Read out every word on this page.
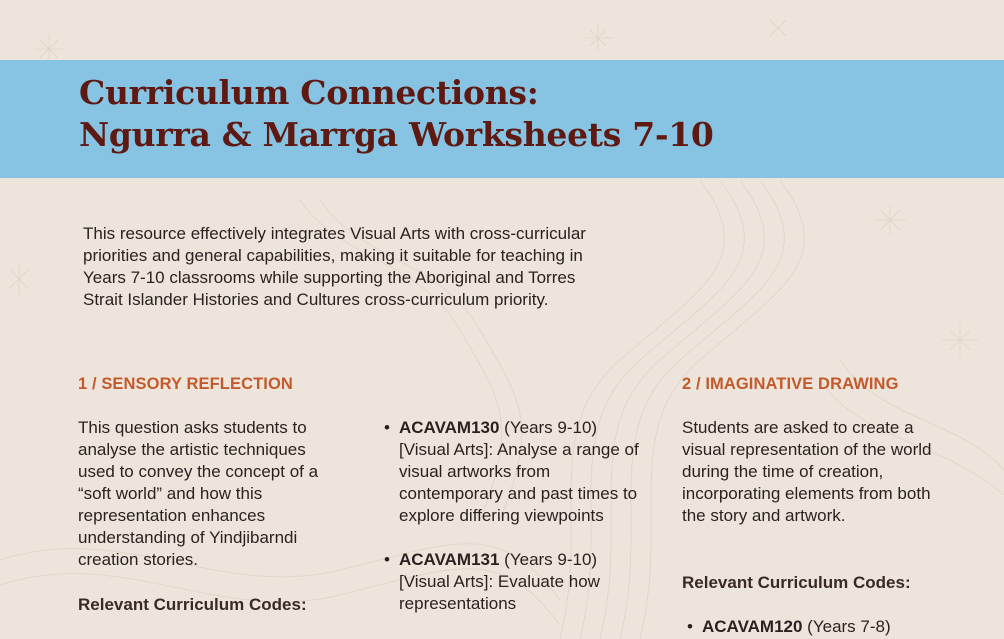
Curriculum Connections:
Ngurra & Marrga Worksheets 7-10

This resource effectively integrates Visual Arts with cross-curricular priorities and general capabilities, making it suitable for teaching in Years 7-10 classrooms while supporting the Aboriginal and Torres Strait Islander Histories and Cultures cross-curriculum priority.

1 / SENSORY REFLECTION

This question asks students to analyse the artistic techniques used to convey the concept of a “soft world” and how this representation enhances understanding of Yindjibarndi creation stories.

Relevant Curriculum Codes:
• ACAVAM130 (Years 9-10) [Visual Arts]: Analyse a range of visual artworks from contemporary and past times to explore differing viewpoints
• ACAVAM131 (Years 9-10) [Visual Arts]: Evaluate how representations
2 / IMAGINATIVE DRAWING

Students are asked to create a visual representation of the world during the time of creation, incorporating elements from both the story and artwork.

Relevant Curriculum Codes:
• ACAVAM120 (Years 7-8)
